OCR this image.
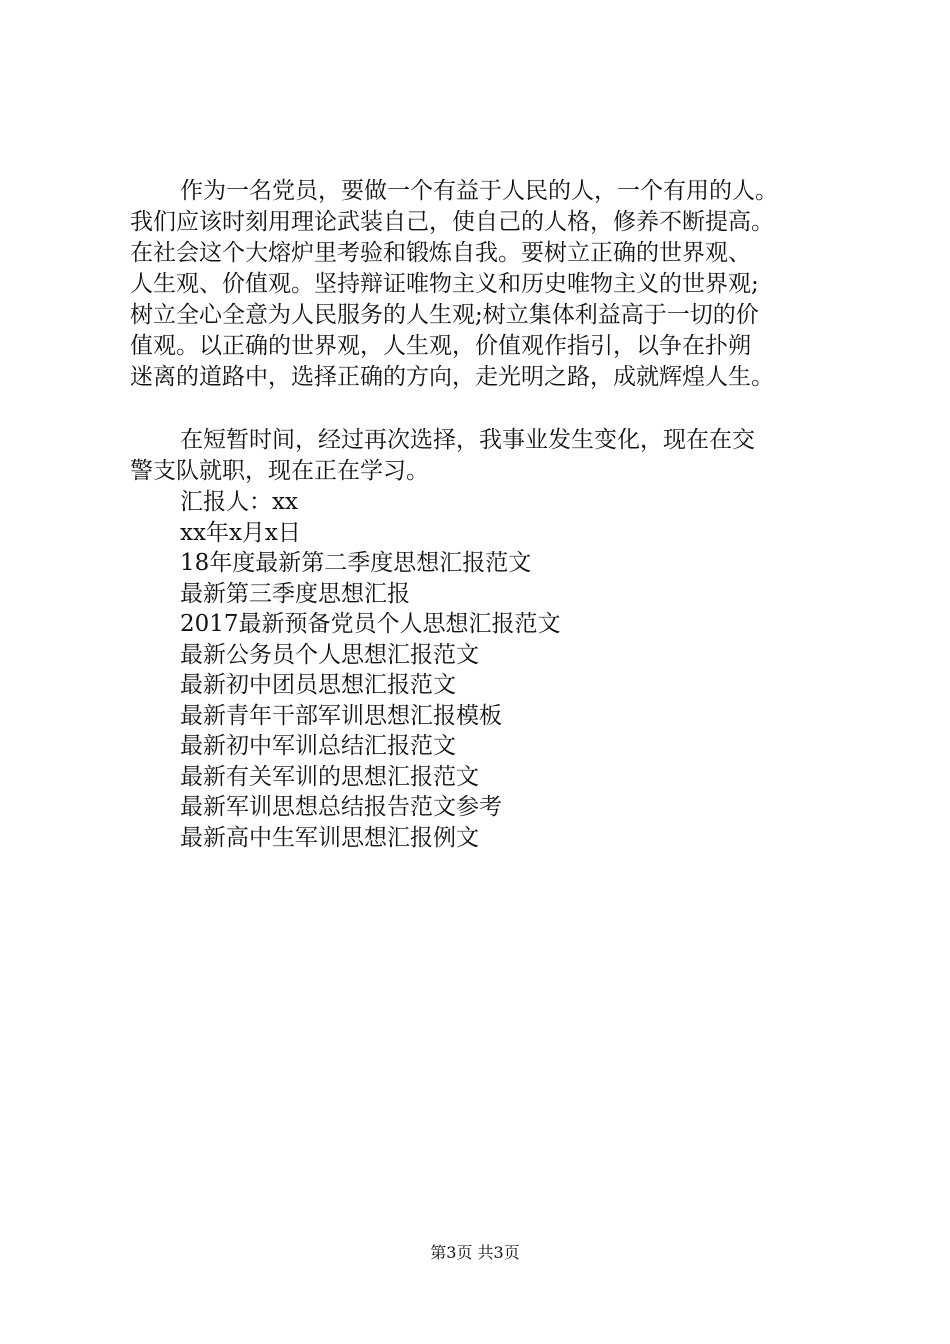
作为一名党员，要做一个有益于人民的人，一个有用的人。
我们应该时刻用理论武装自己，使自己的人格，修养不断提高。
在社会这个大熔炉里考验和锻炼自我。要树立正确的世界观、
人生观、价值观。坚持辩证唯物主义和历史唯物主义的世界观;
树立全心全意为人民服务的人生观;树立集体利益高于一切的价
值观。以正确的世界观，人生观，价值观作指引，以争在扑朔
迷离的道路中，选择正确的方向，走光明之路，成就辉煌人生。
在短暂时间，经过再次选择，我事业发生变化，现在在交
警支队就职，现在正在学习。
汇报人：xx
xx年x月x日
18年度最新第二季度思想汇报范文
最新第三季度思想汇报
2017最新预备党员个人思想汇报范文
最新公务员个人思想汇报范文
最新初中团员思想汇报范文
最新青年干部军训思想汇报模板
最新初中军训总结汇报范文
最新有关军训的思想汇报范文
最新军训思想总结报告范文参考
最新高中生军训思想汇报例文
第3页 共3页
